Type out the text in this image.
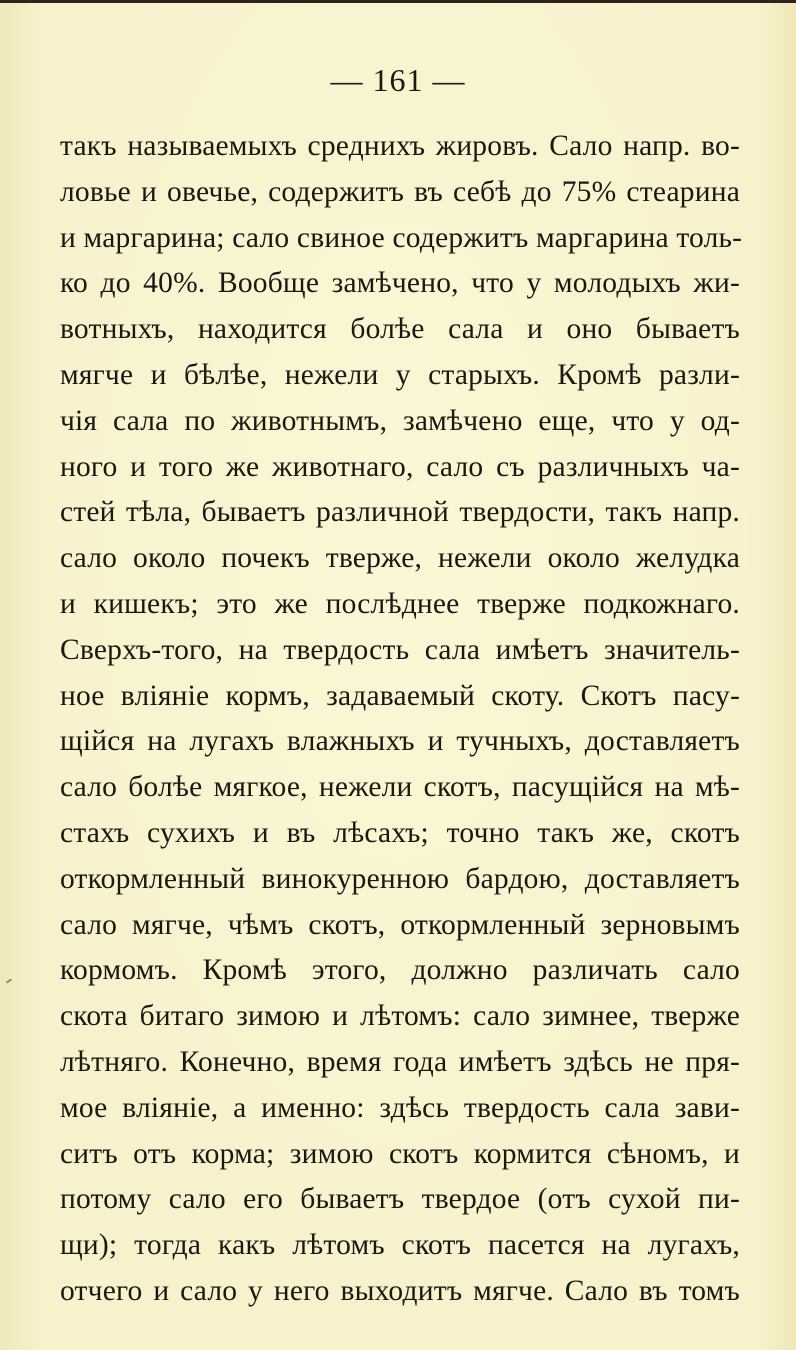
— 161 —
такъ называемыхъ среднихъ жировъ. Сало напр. во-
ловье и овечье, содержитъ въ себѣ до 75% стеарина
и маргарина; сало свиное содержитъ маргарина толь-
ко до 40%. Вообще замѣчено, что у молодыхъ жи-
вотныхъ, находится болѣе сала и оно бываетъ
мягче и бѣлѣе, нежели у старыхъ. Кромѣ разли-
чія сала по животнымъ, замѣчено еще, что у од-
ного и того же животнаго, сало съ различныхъ ча-
стей тѣла, бываетъ различной твердости, такъ напр.
сало около почекъ тверже, нежели около желудка
и кишекъ; это же послѣднее тверже подкожнаго.
Сверхъ-того, на твердость сала имѣетъ значитель-
ное вліяніе кормъ, задаваемый скоту. Скотъ пасу-
щійся на лугахъ влажныхъ и тучныхъ, доставляетъ
сало болѣе мягкое, нежели скотъ, пасущійся на мѣ-
стахъ сухихъ и въ лѣсахъ; точно такъ же, скотъ
откормленный винокуренною бардою, доставляетъ
сало мягче, чѣмъ скотъ, откормленный зерновымъ
кормомъ. Кромѣ этого, должно различать сало
скота битаго зимою и лѣтомъ: сало зимнее, тверже
лѣтняго. Конечно, время года имѣетъ здѣсь не пря-
мое вліяніе, а именно: здѣсь твердость сала зави-
ситъ отъ корма; зимою скотъ кормится сѣномъ, и
потому сало его бываетъ твердое (отъ сухой пи-
щи); тогда какъ лѣтомъ скотъ пасется на лугахъ,
отчего и сало у него выходитъ мягче. Сало въ томъ
